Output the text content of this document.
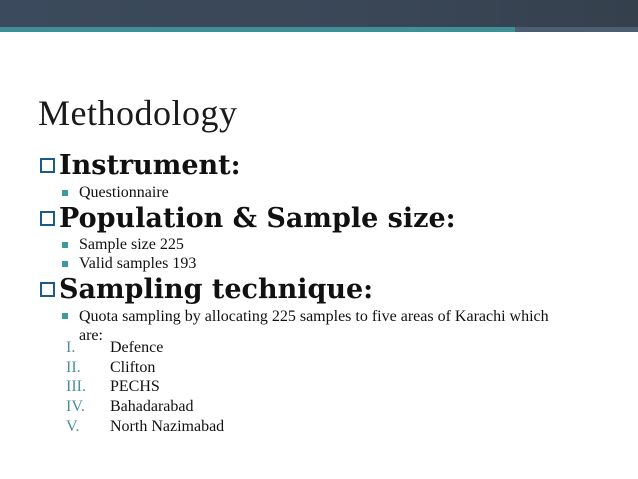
Methodology
Instrument:
Questionnaire
Population & Sample size:
Sample size 225
Valid samples 193
Sampling technique:
Quota sampling by allocating 225 samples to five areas of Karachi which are:
I.	Defence
II.	Clifton
III.	PECHS
IV.	Bahadarabad
V.	North Nazimabad
